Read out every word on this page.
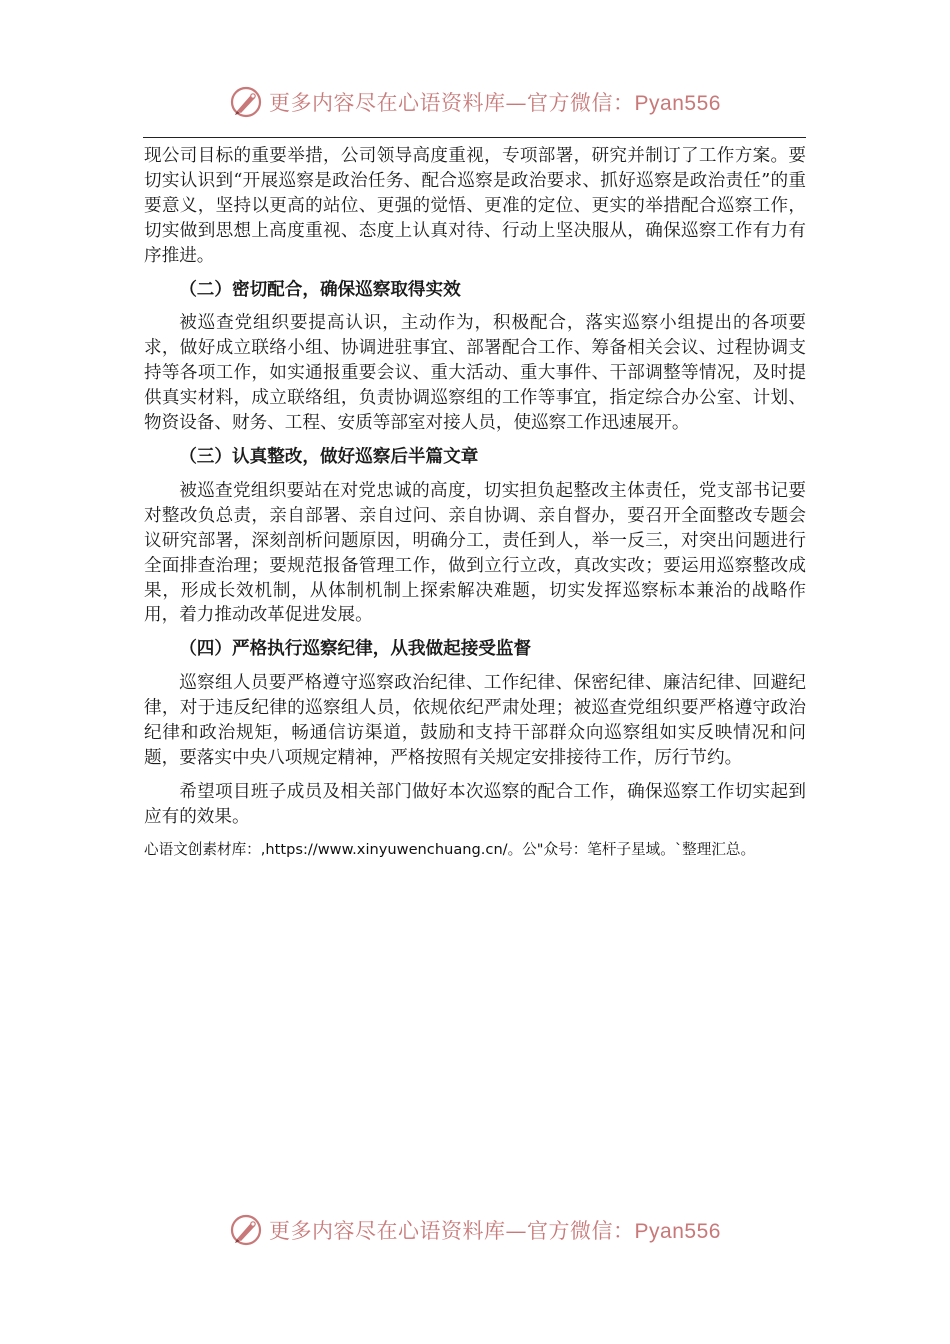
更多内容尽在心语资料库—官方微信：Pyan556

现公司目标的重要举措，公司领导高度重视，专项部署，研究并制订了工作方案。要切实认识到“开展巡察是政治任务、配合巡察是政治要求、抓好巡察是政治责任”的重要意义，坚持以更高的站位、更强的觉悟、更准的定位、更实的举措配合巡察工作，切实做到思想上高度重视、态度上认真对待、行动上坚决服从，确保巡察工作有力有序推进。

（二）密切配合，确保巡察取得实效

被巡查党组织要提高认识，主动作为，积极配合，落实巡察小组提出的各项要求，做好成立联络小组、协调进驻事宜、部署配合工作、筹备相关会议、过程协调支持等各项工作，如实通报重要会议、重大活动、重大事件、干部调整等情况，及时提供真实材料，成立联络组，负责协调巡察组的工作等事宜，指定综合办公室、计划、物资设备、财务、工程、安质等部室对接人员，使巡察工作迅速展开。

（三）认真整改，做好巡察后半篇文章

被巡查党组织要站在对党忠诚的高度，切实担负起整改主体责任，党支部书记要对整改负总责，亲自部署、亲自过问、亲自协调、亲自督办，要召开全面整改专题会议研究部署，深刻剖析问题原因，明确分工，责任到人，举一反三，对突出问题进行全面排查治理；要规范报备管理工作，做到立行立改，真改实改；要运用巡察整改成果，形成长效机制，从体制机制上探索解决难题，切实发挥巡察标本兼治的战略作用，着力推动改革促进发展。

（四）严格执行巡察纪律，从我做起接受监督

巡察组人员要严格遵守巡察政治纪律、工作纪律、保密纪律、廉洁纪律、回避纪律，对于违反纪律的巡察组人员，依规依纪严肃处理；被巡查党组织要严格遵守政治纪律和政治规矩，畅通信访渠道，鼓励和支持干部群众向巡察组如实反映情况和问题，要落实中央八项规定精神，严格按照有关规定安排接待工作，厉行节约。

希望项目班子成员及相关部门做好本次巡察的配合工作，确保巡察工作切实起到应有的效果。

心语文创素材库：,https://www.xinyuwenchuang.cn/。公"众号：笔杆子星域。`整理汇总。

更多内容尽在心语资料库—官方微信：Pyan556
